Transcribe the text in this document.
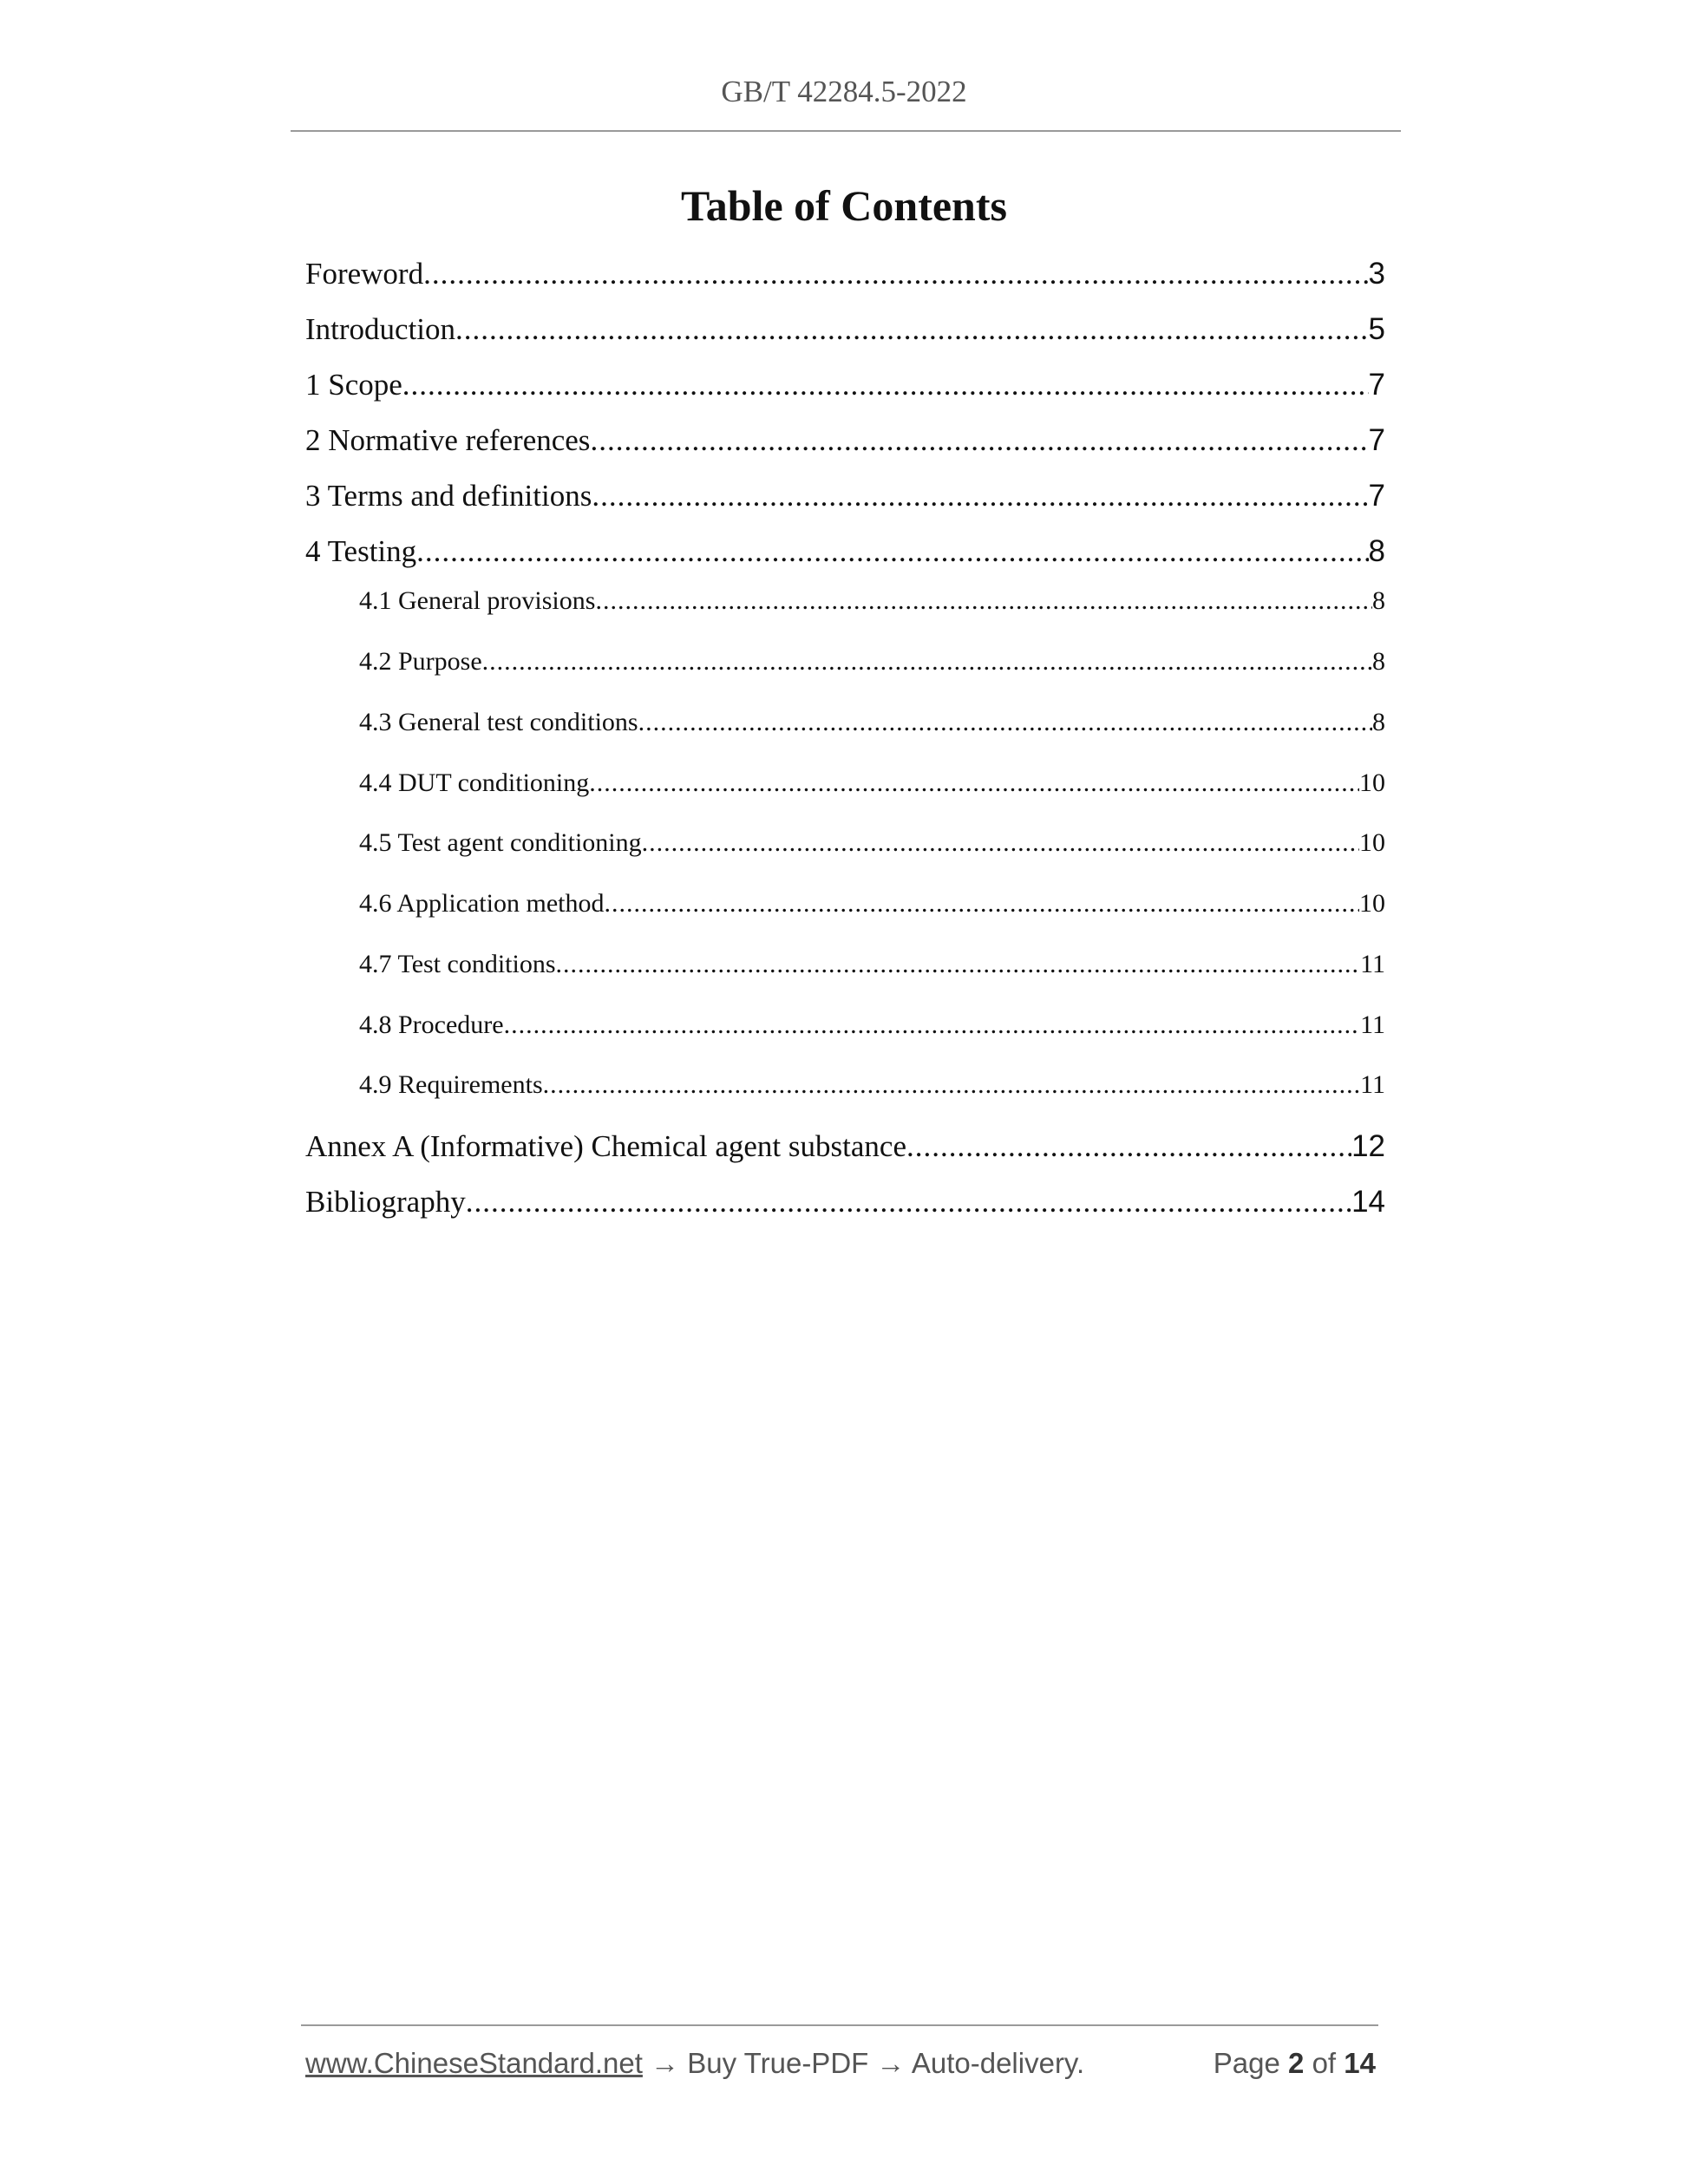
GB/T 42284.5-2022
Table of Contents
Foreword .....	3
Introduction .....	5
1 Scope .....	7
2 Normative references .....	7
3 Terms and definitions .....	7
4 Testing .....	8
4.1 General provisions .....	8
4.2 Purpose .....	8
4.3 General test conditions .....	8
4.4 DUT conditioning .....	10
4.5 Test agent conditioning .....	10
4.6 Application method .....	10
4.7 Test conditions .....	11
4.8 Procedure .....	11
4.9 Requirements .....	11
Annex A (Informative) Chemical agent substance .....	12
Bibliography .....	14
www.ChineseStandard.net → Buy True-PDF → Auto-delivery.	Page 2 of 14
